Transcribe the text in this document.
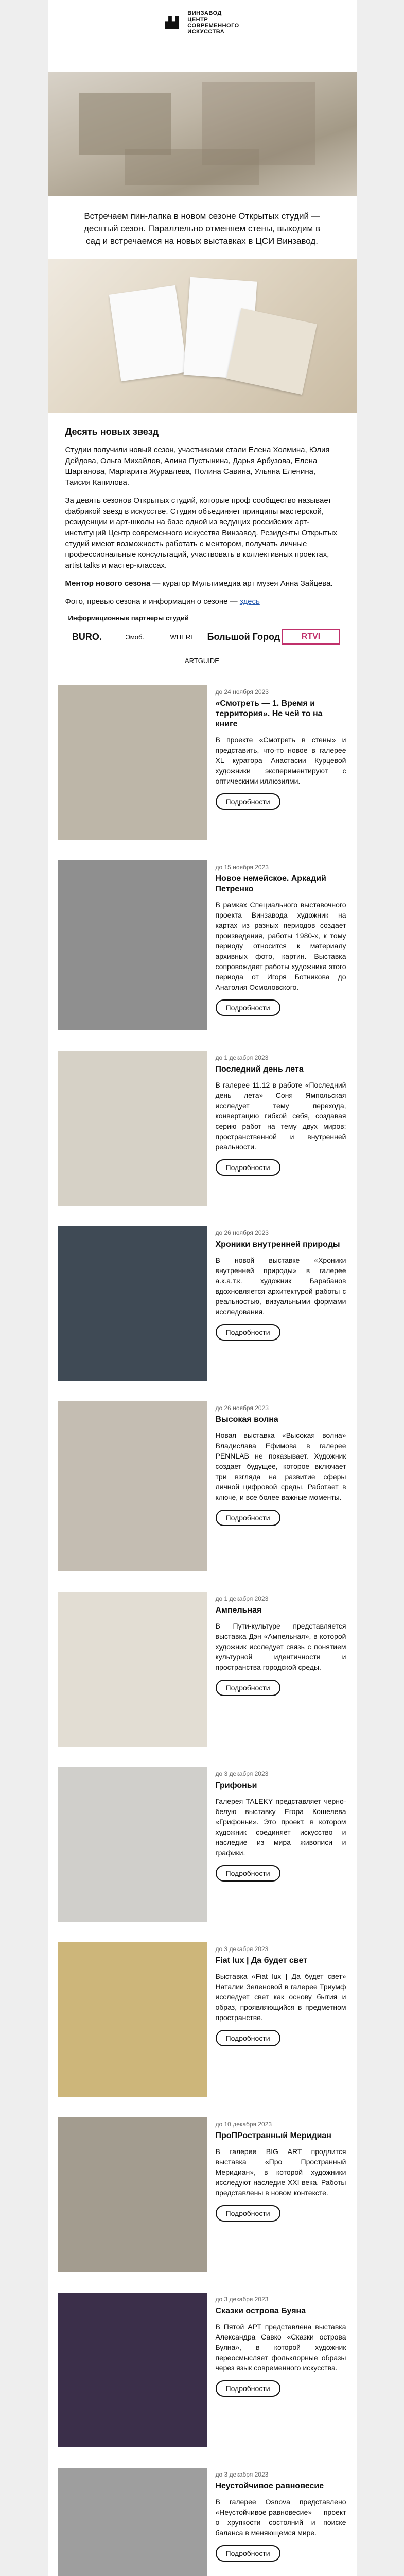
ВИНЗАВОД
ЦЕНТР
СОВРЕМЕННОГО
ИСКУССТВА
Встречаем пин-лапка в новом сезоне Открытых студий — десятый сезон. Параллельно отменяем стены, выходим в сад и встречаемся на новых выставках в ЦСИ Винзавод.
Десять новых звезд

Студии получили новый сезон, участниками стали Елена Холмина, Юлия Дейдова, Ольга Михайлов, Алина Пустынина, Дарья Арбузова, Елена Шарганова, Маргарита Журавлева, Полина Савина, Ульяна Еленина, Таисия Капилова.

За девять сезонов Открытых студий, которые проф сообщество называет фабрикой звезд в искусстве. Студия объединяет принципы мастерской, резиденции и арт-школы на базе одной из ведущих российских арт-институций Центр современного искусства Винзавод. Резиденты Открытых студий имеют возможность работать с ментором, получать личные профессиональные консультаций, участвовать в коллективных проектах, artist talks и мастер-классах.

Ментор нового сезона — куратор Мультимедиа арт музея Анна Зайцева.

Фото, превью сезона и информация о сезоне — здесь

Информационные партнеры студий
BURO.	Эмоб.	WHERE	Большой Город	RTVI
ARTGUIDE
до 24 ноября 2023
«Смотреть — 1. Время и территория». Не чей то на книге
В проекте «Смотреть в стены» и представить, что-то новое в галерее XL куратора Анастасии Курцевой художники экспериментируют с оптическими иллюзиями.
Подробности
до 15 ноября 2023
Новое немейское. Аркадий Петренко
В рамках Специального выставочного проекта Винзавода художник на картах из разных периодов создает произведения, работы 1980-х, к тому периоду относится к материалу архивных фото, картин. Выставка сопровождает работы художника этого периода от Игоря Ботникова до Анатолия Осмоловского.
Подробности
до 1 декабря 2023
Последний день лета
В галерее 11.12 в работе «Последний день лета» Соня Ямпольская исследует тему перехода, конвертацию гибкой себя, создавая серию работ на тему двух миров: пространственной и внутренней реальности.
Подробности
до 26 ноября 2023
Хроники внутренней природы
В новой выставке «Хроники внутренней природы» в галерее а.к.а.т.к. художник Барабанов вдохновляется архитектурой работы с реальностью, визуальными формами исследования.
Подробности
до 26 ноября 2023
Высокая волна
Новая выставка «Высокая волна» Владислава Ефимова в галерее PENNLAB не показывает. Художник создает будущее, которое включает три взгляда на развитие сферы личной цифровой среды. Работает в ключе, и все более важные моменты.
Подробности
до 1 декабря 2023
Ампельная
В Пути-культуре представляется выставка Дэн «Ампельная», в которой художник исследует связь с понятием культурной идентичности и пространства городской среды.
Подробности
до 3 декабря 2023
Грифоньи
Галерея TALEKY представляет черно-белую выставку Егора Кошелева «Грифоньи». Это проект, в котором художник соединяет искусство и наследие из мира живописи и графики.
Подробности
до 3 декабря 2023
Fiat lux | Да будет свет
Выставка «Fiat lux | Да будет свет» Наталии Зеленовой в галерее Триумф исследует свет как основу бытия и образ, проявляющийся в предметном пространстве.
Подробности
до 10 декабря 2023
ПроПРостранный Меридиан
В галерее BIG ART продлится выставка «Про Пространный Меридиан», в которой художники исследуют наследие XXI века. Работы представлены в новом контексте.
Подробности
до 3 декабря 2023
Сказки острова Буяна
В Пятой АРТ представлена выставка Александра Савко «Сказки острова Буяна», в которой художник переосмысляет фольклорные образы через язык современного искусства.
Подробности
до 3 декабря 2023
Неустойчивое равновесие
В галерее Osnova представлено «Неустойчивое равновесие» — проект о хрупкости состояний и поиске баланса в меняющемся мире.
Подробности
